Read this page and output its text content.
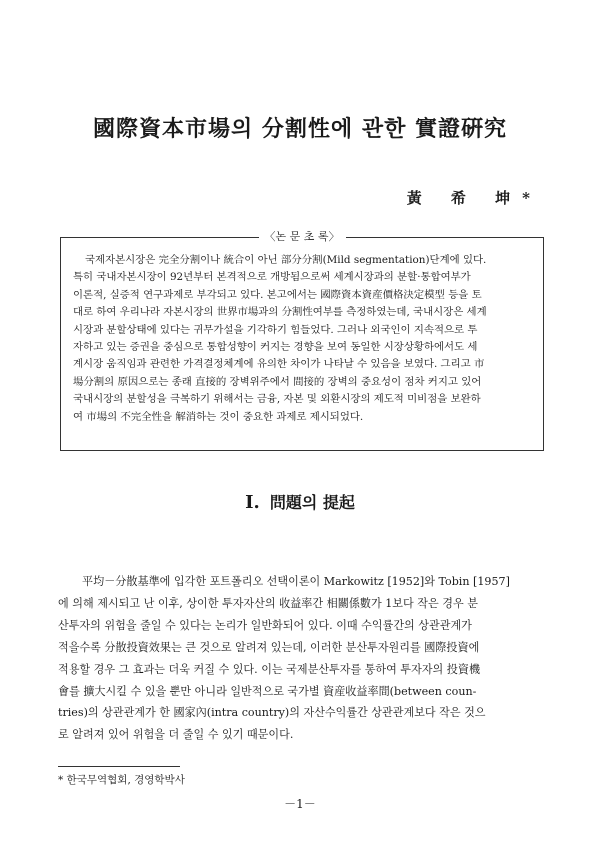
國際資本市場의 分割性에 관한 實證硏究
黃 希 坤*
〈논 문 초 록〉
국제자본시장은 完全分割이나 統合이 아닌 部分分割(Mild segmentation)단계에 있다.
특히 국내자본시장이 92년부터 본격적으로 개방됨으로써 세계시장과의 분할·통합여부가
이론적, 실증적 연구과제로 부각되고 있다. 본고에서는 國際資本資産價格決定模型 등을 토
대로 하여 우리나라 자본시장의 世界市場과의 分割性여부를 측정하였는데, 국내시장은 세계
시장과 분할상태에 있다는 귀무가설을 기각하기 힘들었다. 그러나 외국인이 지속적으로 투
자하고 있는 증권을 중심으로 통합성향이 커지는 경향을 보여 동일한 시장상황하에서도 세
계시장 움직임과 관련한 가격결정체계에 유의한 차이가 나타날 수 있음을 보였다. 그리고 市
場分割의 原因으로는 종래 直接的 장벽위주에서 間接的 장벽의 중요성이 점차 커지고 있어
국내시장의 분할성을 극복하기 위해서는 금융, 자본 및 외환시장의 제도적 미비점을 보완하
여 市場의 不完全性을 解消하는 것이 중요한 과제로 제시되었다.
I. 問題의 提起
平均－分散基準에 입각한 포트폴리오 선택이론이 Markowitz [1952]와 Tobin [1957]
에 의해 제시되고 난 이후, 상이한 투자자산의 收益率간 相關係數가 1보다 작은 경우 분
산투자의 위험을 줄일 수 있다는 논리가 일반화되어 있다. 이때 수익률간의 상관관계가
적을수록 分散投資效果는 큰 것으로 알려져 있는데, 이러한 분산투자원리를 國際投資에
적용할 경우 그 효과는 더욱 커질 수 있다. 이는 국제분산투자를 통하여 투자자의 投資機
會를 擴大시킬 수 있을 뿐만 아니라 일반적으로 국가별 資産收益率間(between coun-
tries)의 상관관계가 한 國家內(intra country)의 자산수익률간 상관관계보다 작은 것으
로 알려져 있어 위험을 더 줄일 수 있기 때문이다.
* 한국무역협회, 경영학박사
－1－
